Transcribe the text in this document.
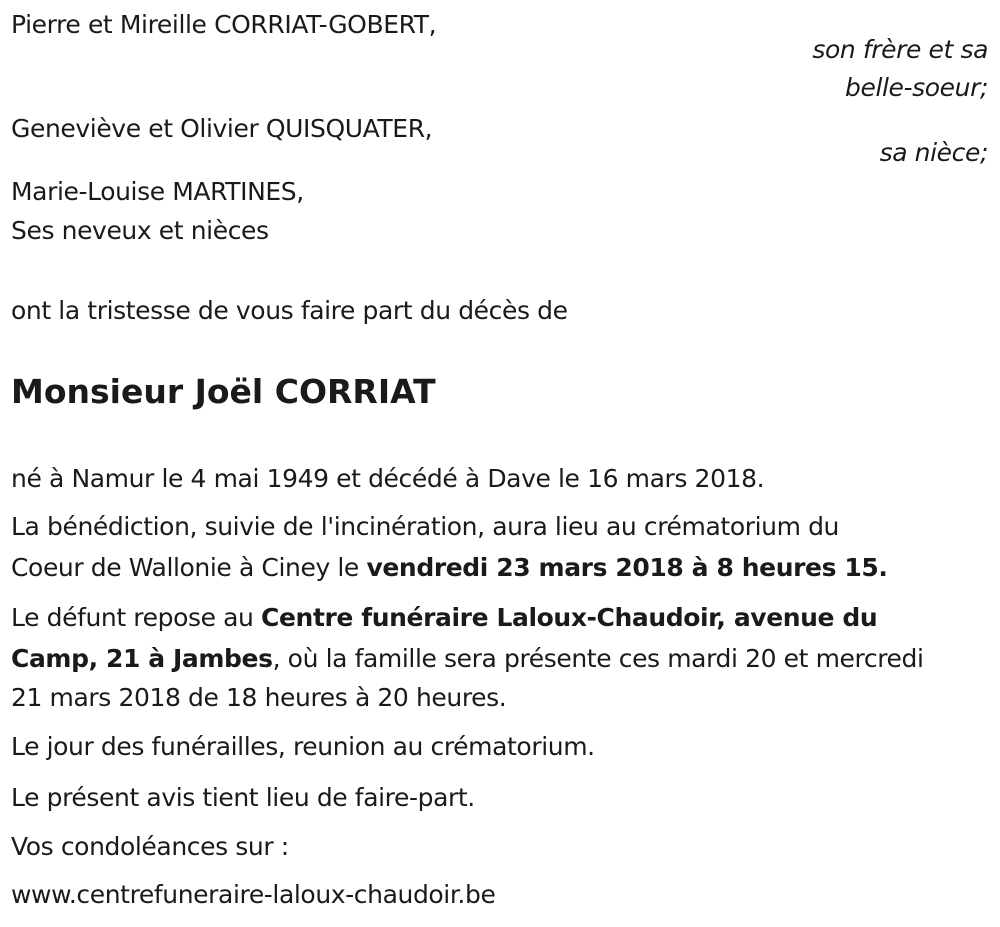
Pierre et Mireille CORRIAT-GOBERT,
son frère et sa
belle-soeur;
Geneviève et Olivier QUISQUATER,
sa nièce;
Marie-Louise MARTINES,
Ses neveux et nièces
ont la tristesse de vous faire part du décès de
Monsieur Joël CORRIAT
né à Namur le 4 mai 1949 et décédé à Dave le 16 mars 2018.
La bénédiction, suivie de l'incinération, aura lieu au crématorium du
Coeur de Wallonie à Ciney le vendredi 23 mars 2018 à 8 heures 15.
Le défunt repose au Centre funéraire Laloux-Chaudoir, avenue du
Camp, 21 à Jambes, où la famille sera présente ces mardi 20 et mercredi
21 mars 2018 de 18 heures à 20 heures.
Le jour des funérailles, reunion au crématorium.
Le présent avis tient lieu de faire-part.
Vos condoléances sur :
www.centrefuneraire-laloux-chaudoir.be
